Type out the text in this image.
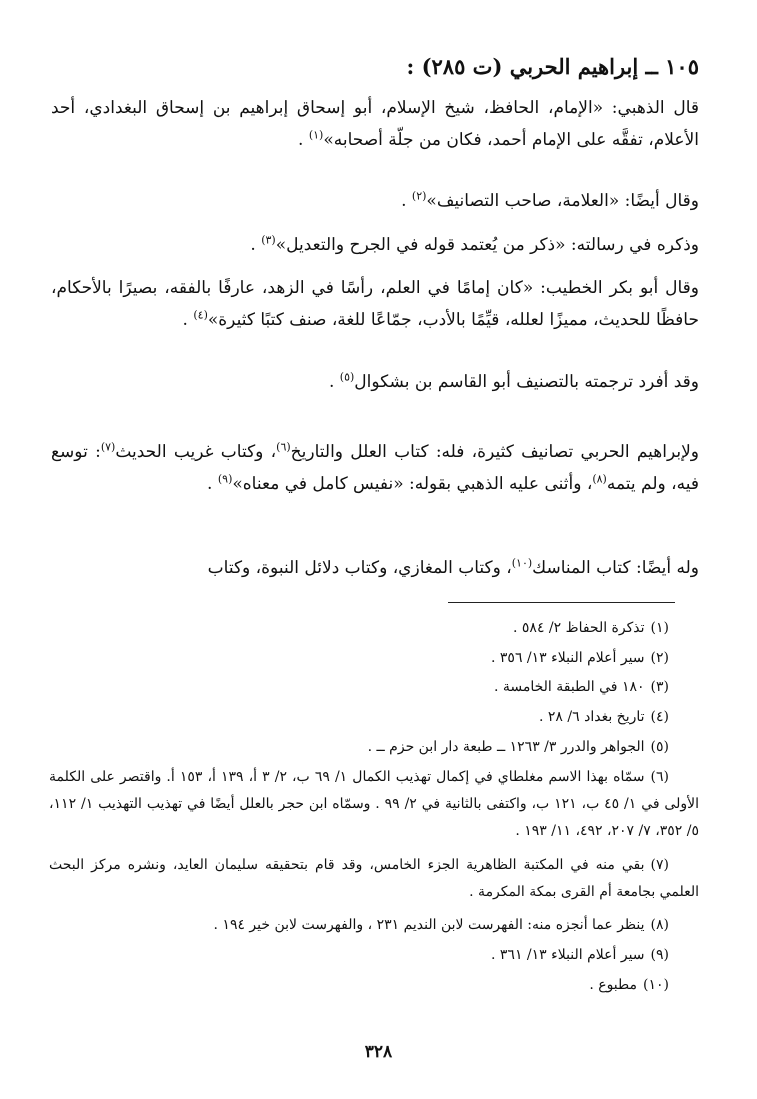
١٠٥ ــ إبراهيم الحربي (ت ٢٨٥) :
قال الذهبي: «الإمام، الحافظ، شيخ الإسلام، أبو إسحاق إبراهيم بن إسحاق البغدادي، أحد الأعلام، تفقَّه على الإمام أحمد، فكان من جلّة أصحابه»$^{(١)}$ .
وقال أيضًا: «العلامة، صاحب التصانيف»$^{(٢)}$ .
وذكره في رسالته: «ذكر من يُعتمد قوله في الجرح والتعديل»$^{(٣)}$ .
وقال أبو بكر الخطيب: «كان إمامًا في العلم، رأسًا في الزهد، عارفًا بالفقه، بصيرًا بالأحكام، حافظًا للحديث، مميزًا لعلله، قيِّمًا بالأدب، جمّاعًا للغة، صنف كتبًا كثيرة»$^{(٤)}$ .
وقد أفرد ترجمته بالتصنيف أبو القاسم بن بشكوال$^{(٥)}$ .
ولإبراهيم الحربي تصانيف كثيرة، فله: كتاب العلل والتاريخ$^{(٦)}$، وكتاب غريب الحديث$^{(٧)}$: توسع فيه، ولم يتمه$^{(٨)}$، وأثنى عليه الذهبي بقوله: «نفيس كامل في معناه»$^{(٩)}$ .
وله أيضًا: كتاب المناسك$^{(١٠)}$، وكتاب المغازي، وكتاب دلائل النبوة، وكتاب
(١)تذكرة الحفاظ ٢/ ٥٨٤ .
(٢)سير أعلام النبلاء ١٣/ ٣٥٦ .
(٣)١٨٠ في الطبقة الخامسة .
(٤)تاريخ بغداد ٦/ ٢٨ .
(٥)الجواهر والدرر ٣/ ١٢٦٣ ــ طبعة دار ابن حزم ــ .
(٦)سمّاه بهذا الاسم مغلطاي في إكمال تهذيب الكمال ١/ ٦٩ ب، ٢/ ٣ أ، ١٣٩ أ، ١٥٣ أ. واقتصر على الكلمة الأولى في ١/ ٤٥ ب، ١٢١ ب، واكتفى بالثانية في ٢/ ٩٩ . وسمّاه ابن حجر بالعلل أيضًا في تهذيب التهذيب ١/ ١١٢، ٥/ ٣٥٢، ٧/ ٢٠٧، ٤٩٢، ١١/ ١٩٣ .
(٧)بقي منه في المكتبة الظاهرية الجزء الخامس، وقد قام بتحقيقه سليمان العايد، ونشره مركز البحث العلمي بجامعة أم القرى بمكة المكرمة .
(٨)ينظر عما أنجزه منه: الفهرست لابن النديم ٢٣١ ، والفهرست لابن خير ١٩٤ .
(٩)سير أعلام النبلاء ١٣/ ٣٦١ .
(١٠)مطبوع .
٣٢٨
